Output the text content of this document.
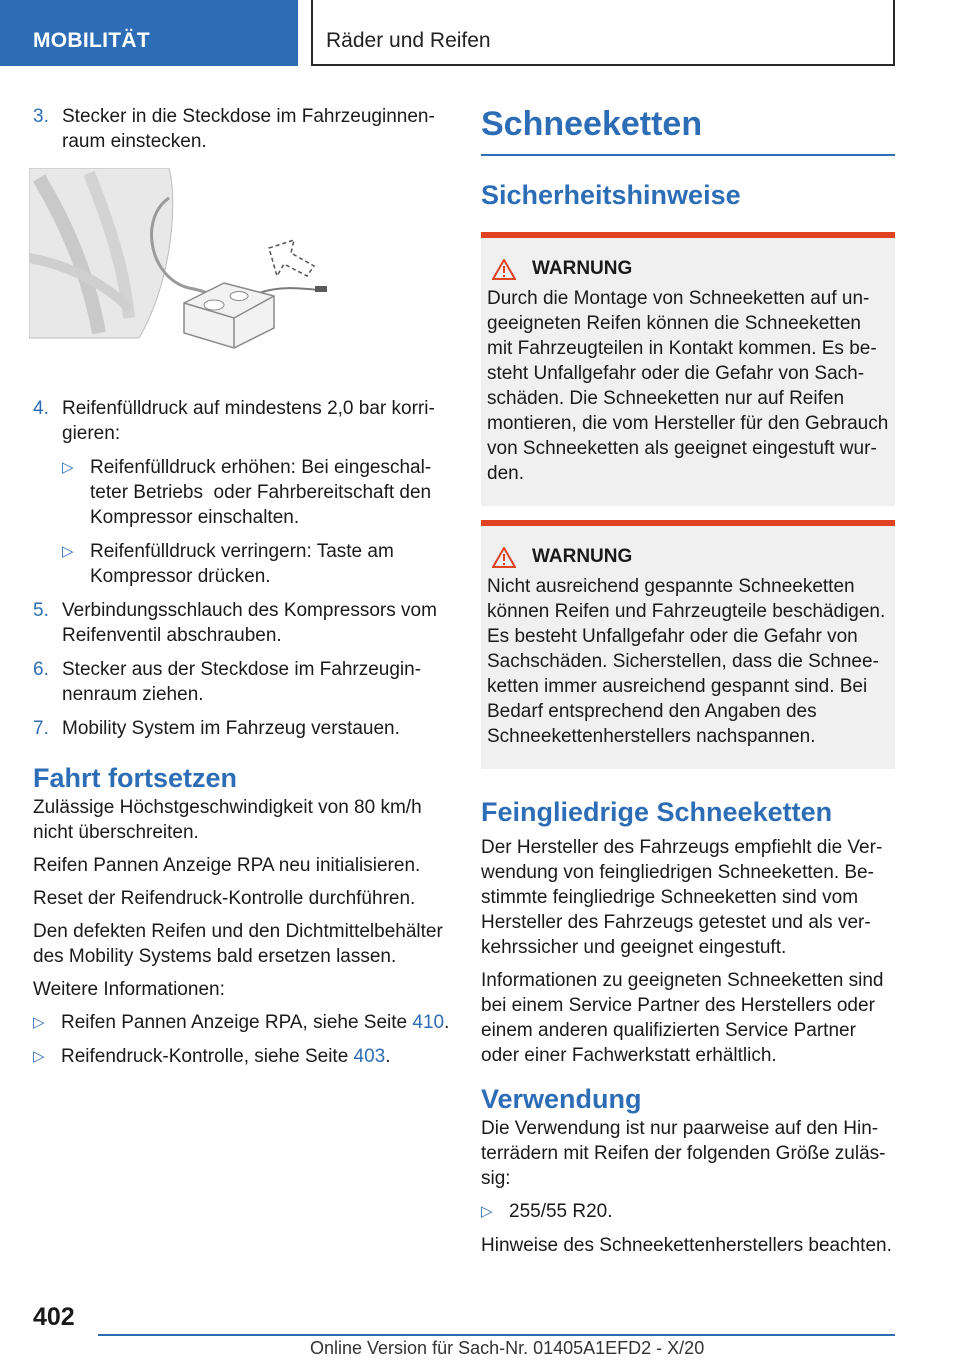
MOBILITÄT	Räder und Reifen
3. Stecker in die Steckdose im Fahrzeuginnenraum einstecken.
4. Reifenfülldruck auf mindestens 2,0 bar korrigieren:
▷ Reifenfülldruck erhöhen: Bei eingeschalteter Betriebs oder Fahrbereitschaft den Kompressor einschalten.
▷ Reifenfülldruck verringern: Taste am Kompressor drücken.
5. Verbindungsschlauch des Kompressors vom Reifenventil abschrauben.
6. Stecker aus der Steckdose im Fahrzeuginnenraum ziehen.
7. Mobility System im Fahrzeug verstauen.
Fahrt fortsetzen

Zulässige Höchstgeschwindigkeit von 80 km/h nicht überschreiten.

Reifen Pannen Anzeige RPA neu initialisieren.

Reset der Reifendruck-Kontrolle durchführen.

Den defekten Reifen und den Dichtmittelbehälter des Mobility Systems bald ersetzen lassen.

Weitere Informationen:

▷ Reifen Pannen Anzeige RPA, siehe Seite 410.
▷ Reifendruck-Kontrolle, siehe Seite 403.
Schneeketten
Sicherheitshinweise
WARNUNG

Durch die Montage von Schneeketten auf ungeeigneten Reifen können die Schneeketten mit Fahrzeugteilen in Kontakt kommen. Es besteht Unfallgefahr oder die Gefahr von Sachschäden. Die Schneeketten nur auf Reifen montieren, die vom Hersteller für den Gebrauch von Schneeketten als geeignet eingestuft wurden.

WARNUNG

Nicht ausreichend gespannte Schneeketten können Reifen und Fahrzeugteile beschädigen. Es besteht Unfallgefahr oder die Gefahr von Sachschäden. Sicherstellen, dass die Schneeketten immer ausreichend gespannt sind. Bei Bedarf entsprechend den Angaben des Schneekettenherstellers nachspannen.

Feingliedrige Schneeketten

Der Hersteller des Fahrzeugs empfiehlt die Verwendung von feingliedrigen Schneeketten. Bestimmte feingliedrige Schneeketten sind vom Hersteller des Fahrzeugs getestet und als verkehrssicher und geeignet eingestuft.

Informationen zu geeigneten Schneeketten sind bei einem Service Partner des Herstellers oder einem anderen qualifizierten Service Partner oder einer Fachwerkstatt erhältlich.

Verwendung

Die Verwendung ist nur paarweise auf den Hinterrädern mit Reifen der folgenden Größe zulässig:

▷ 255/55 R20.

Hinweise des Schneekettenherstellers beachten.

402
Online Version für Sach-Nr. 01405A1EFD2 - X/20
